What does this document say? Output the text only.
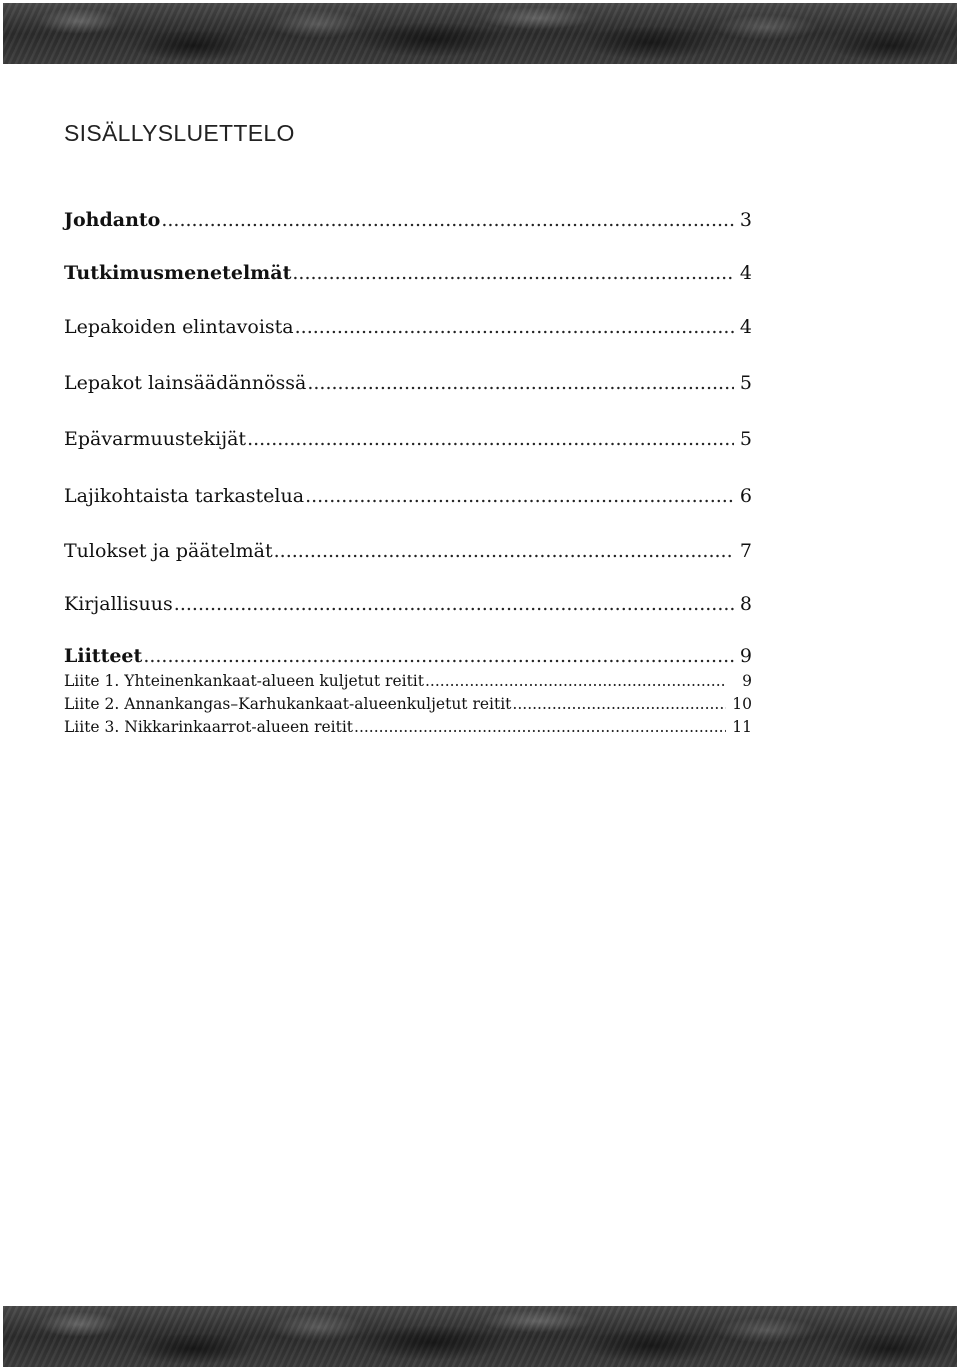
SISÄLLYSLUETTELO
Johdanto .....	3
Tutkimusmenetelmät .....	4
Lepakoiden elintavoista .....	4
Lepakot lainsäädännössä .....	5
Epävarmuustekijät .....	5
Lajikohtaista tarkastelua .....	6
Tulokset ja päätelmät .....	7
Kirjallisuus .....	8
Liitteet .....	9
Liite 1. Yhteinenkankaat-alueen kuljetut reitit .....	9
Liite 2. Annankangas–Karhukankaat-alueenkuljetut reitit .....	10
Liite 3. Nikkarinkaarrot-alueen reitit .....	11
